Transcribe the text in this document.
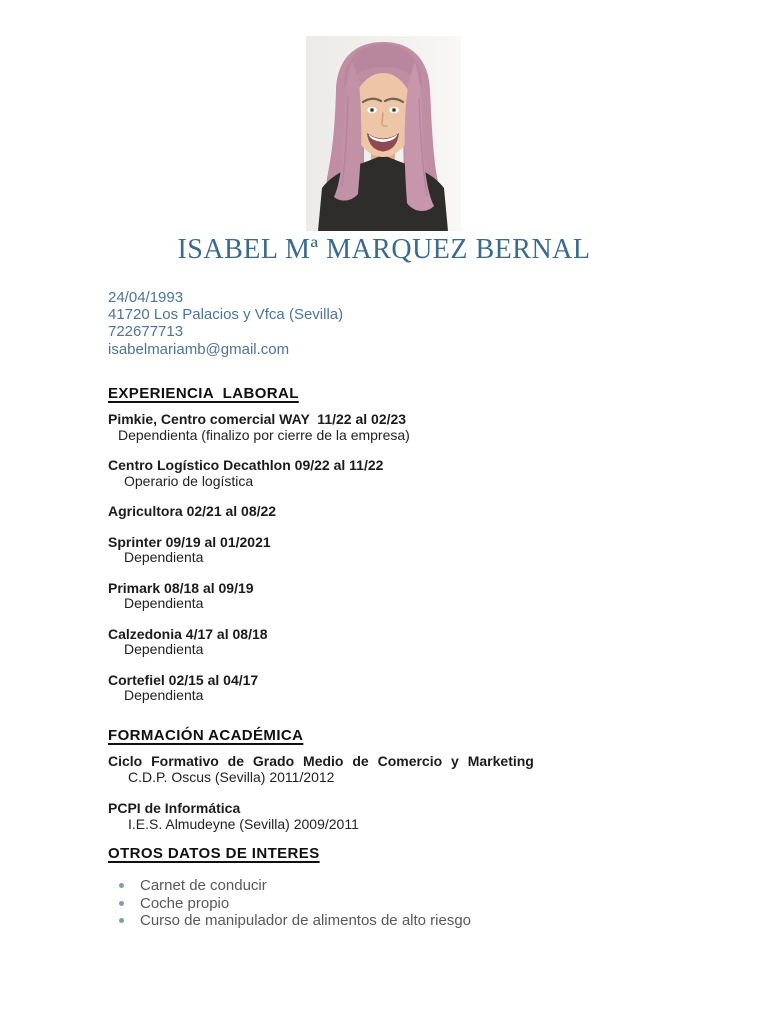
ISABEL Mª MARQUEZ BERNAL
24/04/1993
41720 Los Palacios y Vfca (Sevilla)
722677713
isabelmariamb@gmail.com
EXPERIENCIA  LABORAL
Pimkie, Centro comercial WAY  11/22 al 02/23
Dependienta (finalizo por cierre de la empresa)
Centro Logístico Decathlon 09/22 al 11/22
Operario de logística
Agricultora 02/21 al 08/22
Sprinter 09/19 al 01/2021
Dependienta
Primark 08/18 al 09/19
Dependienta
Calzedonia 4/17 al 08/18
Dependienta
Cortefiel 02/15 al 04/17
Dependienta
FORMACIÓN ACADÉMICA
Ciclo Formativo de Grado Medio de Comercio y Marketing
C.D.P. Oscus (Sevilla) 2011/2012
PCPI de Informática
I.E.S. Almudeyne (Sevilla) 2009/2011
OTROS DATOS DE INTERES
Carnet de conducir
Coche propio
Curso de manipulador de alimentos de alto riesgo
